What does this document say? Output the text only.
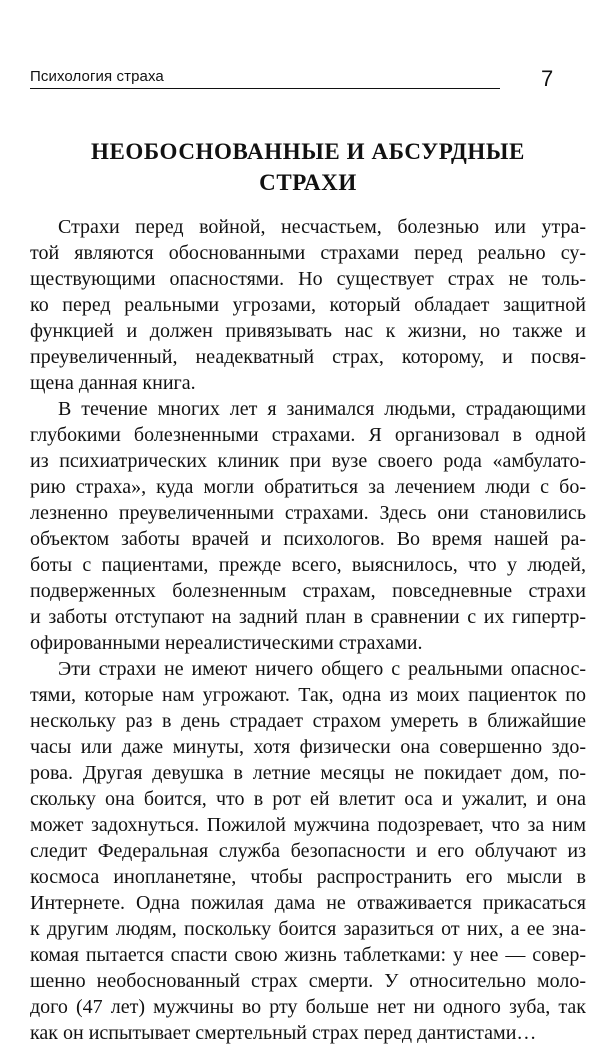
Психология страха	7
НЕОБОСНОВАННЫЕ И АБСУРДНЫЕ
СТРАХИ

Страхи перед войной, несчастьем, болезнью или утра-
той являются обоснованными страхами перед реально су-
ществующими опасностями. Но существует страх не толь-
ко перед реальными угрозами, который обладает защитной
функцией и должен привязывать нас к жизни, но также и
преувеличенный, неадекватный страх, которому, и посвя-
щена данная книга.

В течение многих лет я занимался людьми, страдающими
глубокими болезненными страхами. Я организовал в одной
из психиатрических клиник при вузе своего рода «амбулато-
рию страха», куда могли обратиться за лечением люди с бо-
лезненно преувеличенными страхами. Здесь они становились
объектом заботы врачей и психологов. Во время нашей ра-
боты с пациентами, прежде всего, выяснилось, что у людей,
подверженных болезненным страхам, повседневные страхи
и заботы отступают на задний план в сравнении с их гипертр-
офированными нереалистическими страхами.

Эти страхи не имеют ничего общего с реальными опаснос-
тями, которые нам угрожают. Так, одна из моих пациенток по
нескольку раз в день страдает страхом умереть в ближайшие
часы или даже минуты, хотя физически она совершенно здо-
рова. Другая девушка в летние месяцы не покидает дом, по-
скольку она боится, что в рот ей влетит оса и ужалит, и она
может задохнуться. Пожилой мужчина подозревает, что за ним
следит Федеральная служба безопасности и его облучают из
космоса инопланетяне, чтобы распространить его мысли в
Интернете. Одна пожилая дама не отваживается прикасаться
к другим людям, поскольку боится заразиться от них, а ее зна-
комая пытается спасти свою жизнь таблетками: у нее — совер-
шенно необоснованный страх смерти. У относительно моло-
дого (47 лет) мужчины во рту больше нет ни одного зуба, так
как он испытывает смертельный страх перед дантистами…
